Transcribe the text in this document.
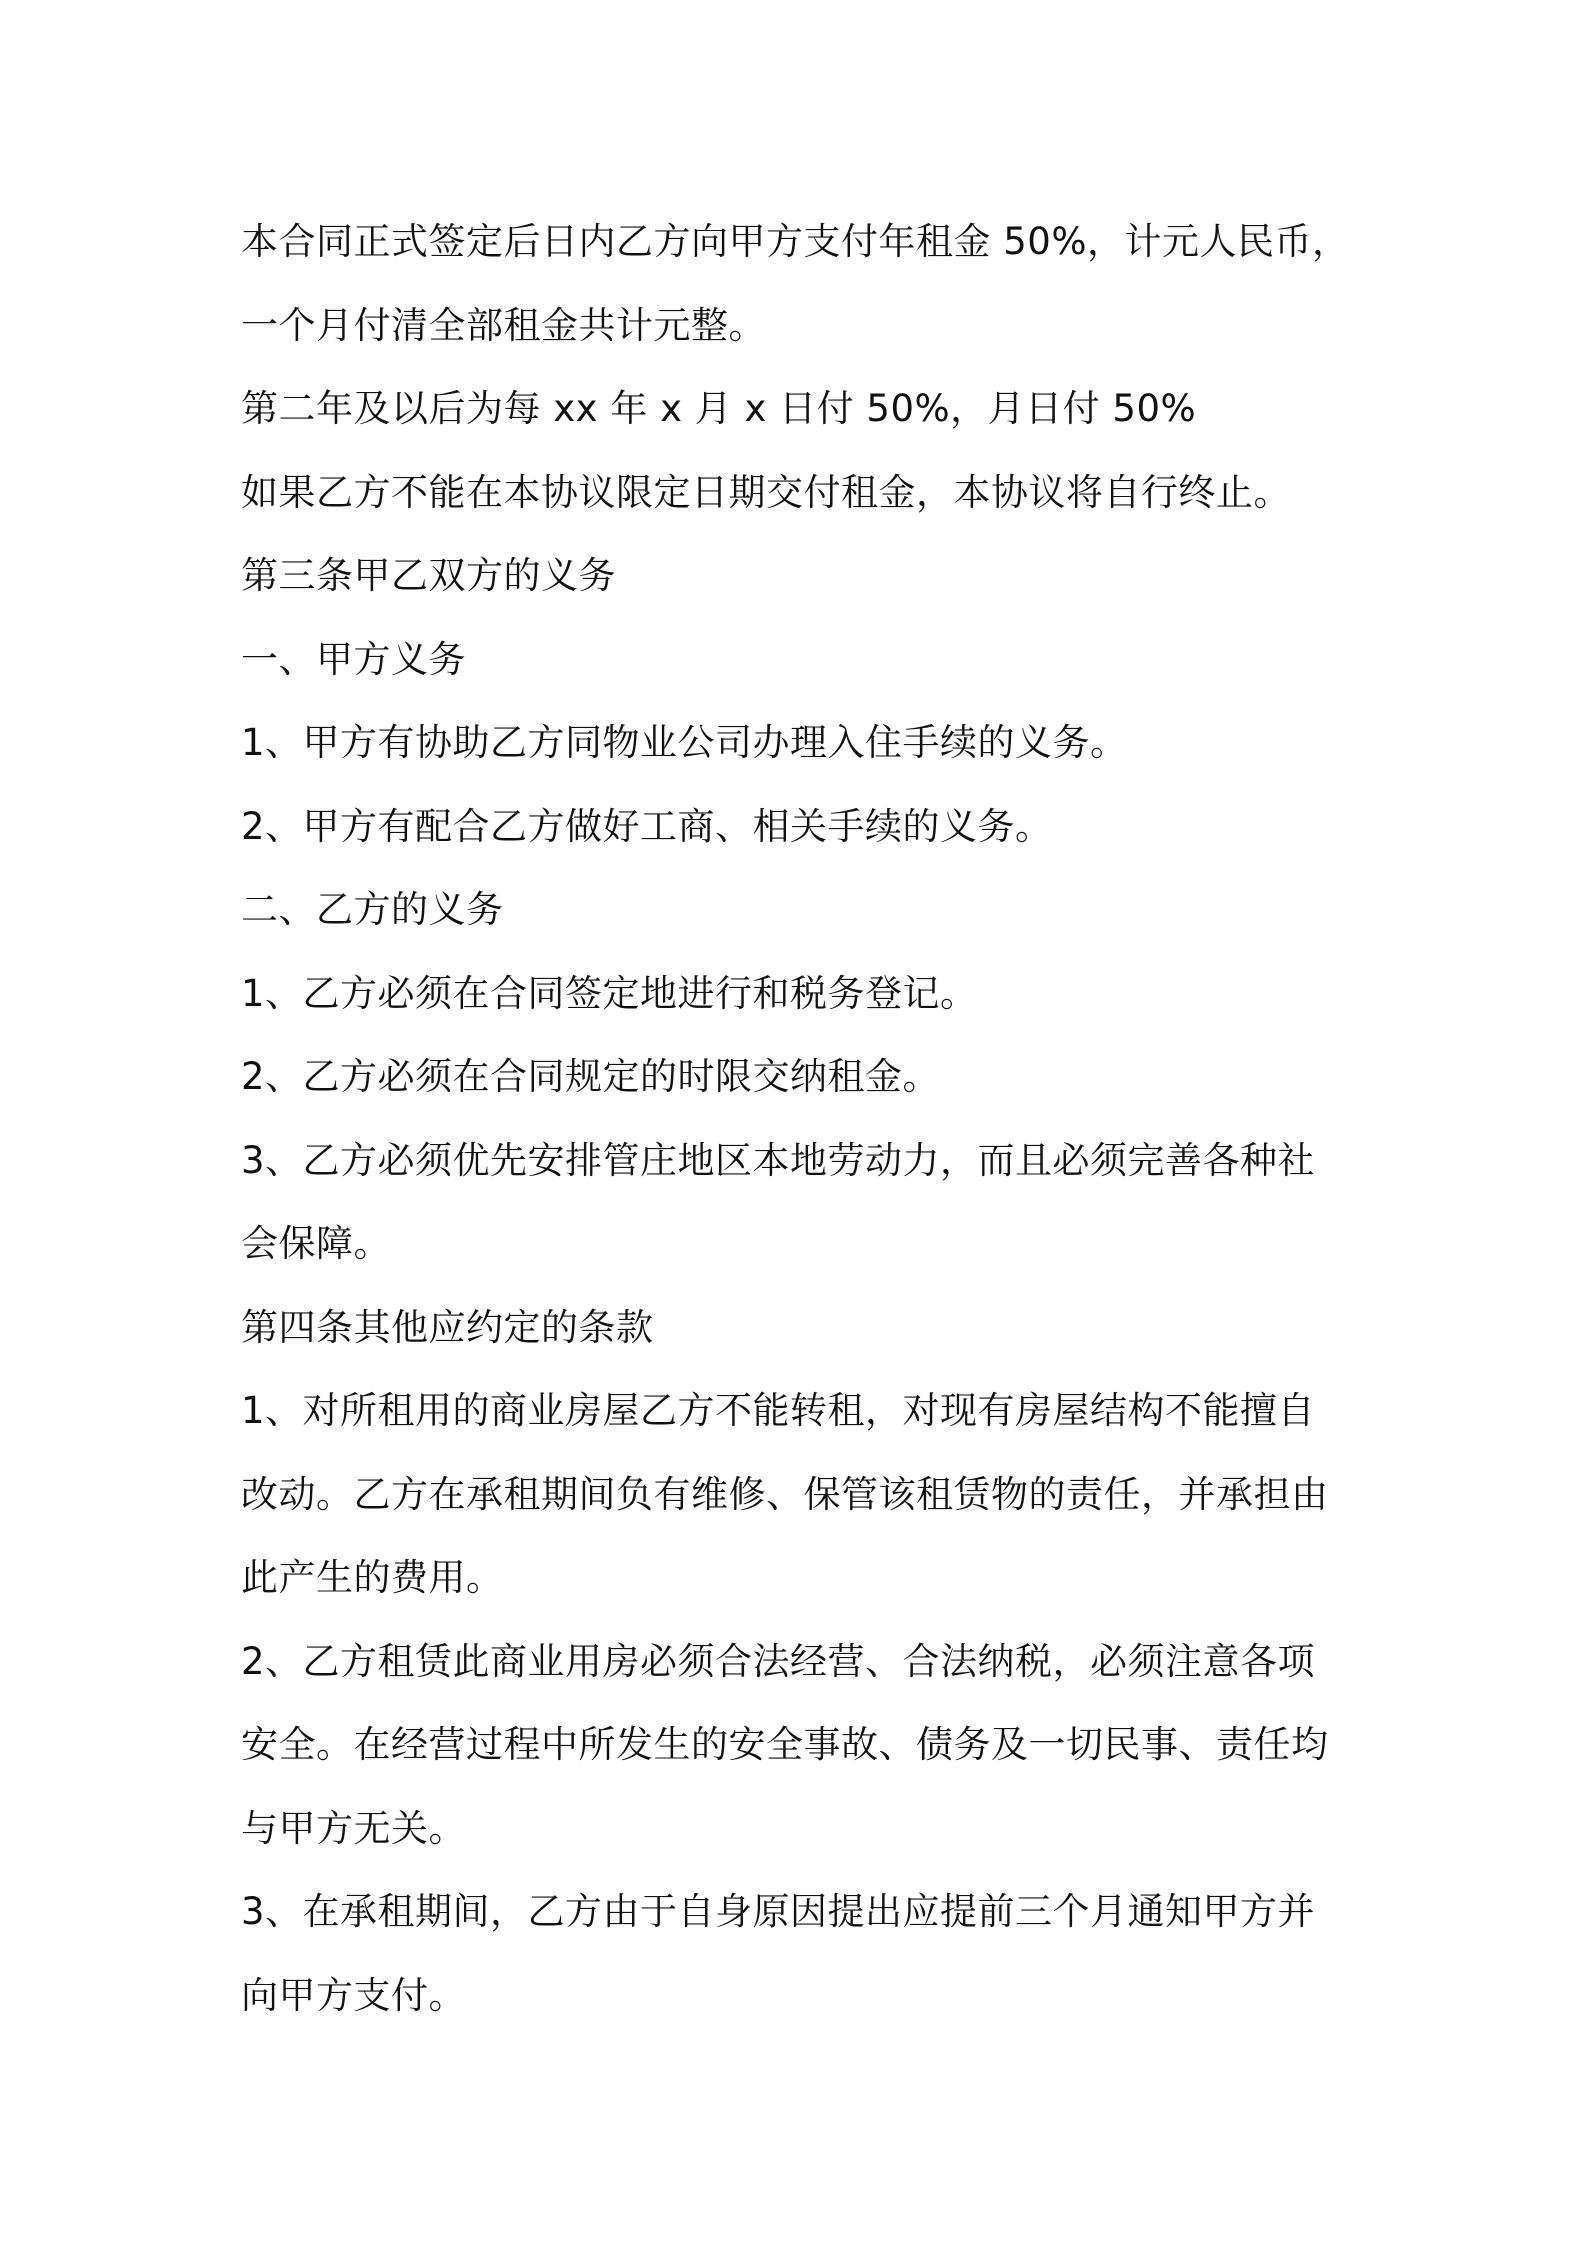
本合同正式签定后日内乙方向甲方支付年租金 50%，计元人民币，一个月付清全部租金共计元整。

第二年及以后为每 xx 年 x 月 x 日付 50%，月日付 50%

如果乙方不能在本协议限定日期交付租金，本协议将自行终止。

第三条甲乙双方的义务

一、甲方义务

1、甲方有协助乙方同物业公司办理入住手续的义务。

2、甲方有配合乙方做好工商、相关手续的义务。

二、乙方的义务

1、乙方必须在合同签定地进行和税务登记。

2、乙方必须在合同规定的时限交纳租金。

3、乙方必须优先安排管庄地区本地劳动力，而且必须完善各种社会保障。

第四条其他应约定的条款

1、对所租用的商业房屋乙方不能转租，对现有房屋结构不能擅自改动。乙方在承租期间负有维修、保管该租赁物的责任，并承担由此产生的费用。

2、乙方租赁此商业用房必须合法经营、合法纳税，必须注意各项安全。在经营过程中所发生的安全事故、债务及一切民事、责任均与甲方无关。

3、在承租期间，乙方由于自身原因提出应提前三个月通知甲方并向甲方支付。
